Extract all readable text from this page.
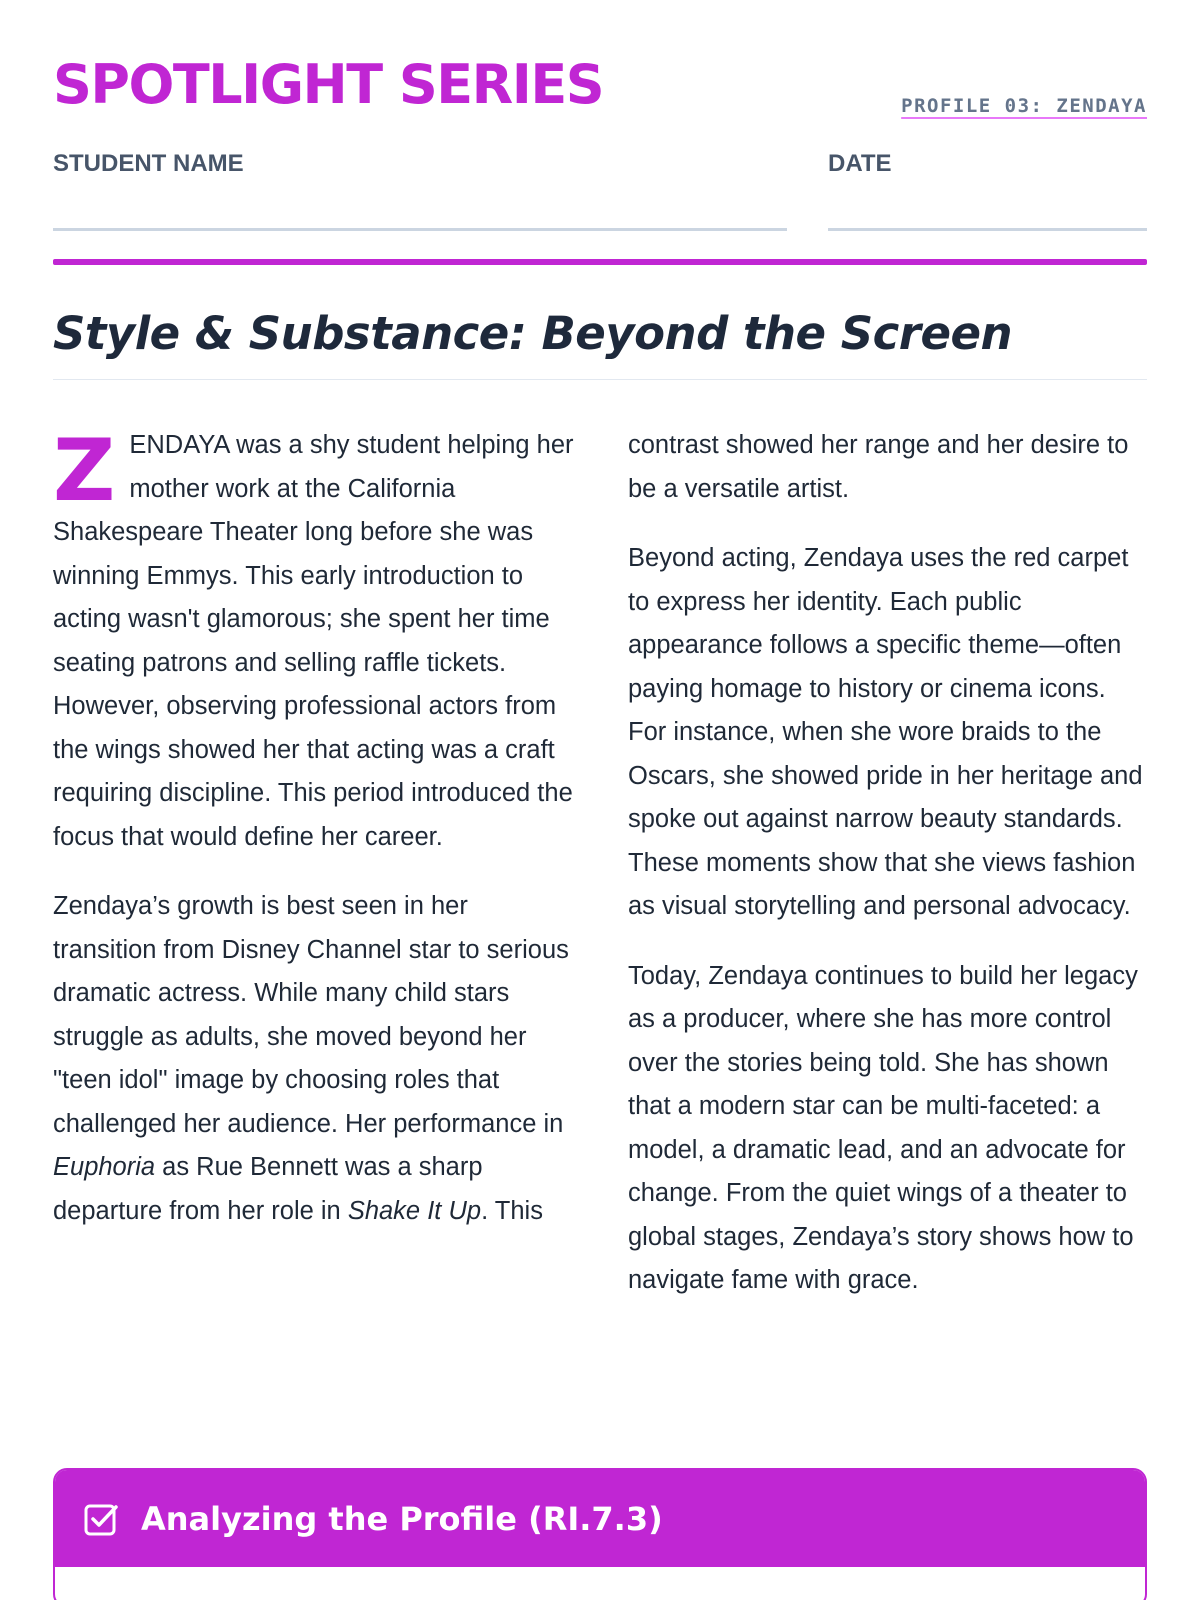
SPOTLIGHT SERIES	PROFILE 03: ZENDAYA
STUDENT NAME	DATE
Style & Substance: Beyond the Screen

ZENDAYA was a shy student helping her mother work at the California Shakespeare Theater long before she was winning Emmys. This early introduction to acting wasn't glamorous; she spent her time seating patrons and selling raffle tickets. However, observing professional actors from the wings showed her that acting was a craft requiring discipline. This period introduced the focus that would define her career.

Zendaya’s growth is best seen in her transition from Disney Channel star to serious dramatic actress. While many child stars struggle as adults, she moved beyond her "teen idol" image by choosing roles that challenged her audience. Her performance in Euphoria as Rue Bennett was a sharp departure from her role in Shake It Up. This

contrast showed her range and her desire to be a versatile artist.

Beyond acting, Zendaya uses the red carpet to express her identity. Each public appearance follows a specific theme—often paying homage to history or cinema icons. For instance, when she wore braids to the Oscars, she showed pride in her heritage and spoke out against narrow beauty standards. These moments show that she views fashion as visual storytelling and personal advocacy.

Today, Zendaya continues to build her legacy as a producer, where she has more control over the stories being told. She has shown that a modern star can be multi-faceted: a model, a dramatic lead, and an advocate for change. From the quiet wings of a theater to global stages, Zendaya’s story shows how to navigate fame with grace.

Analyzing the Profile (RI.7.3)
